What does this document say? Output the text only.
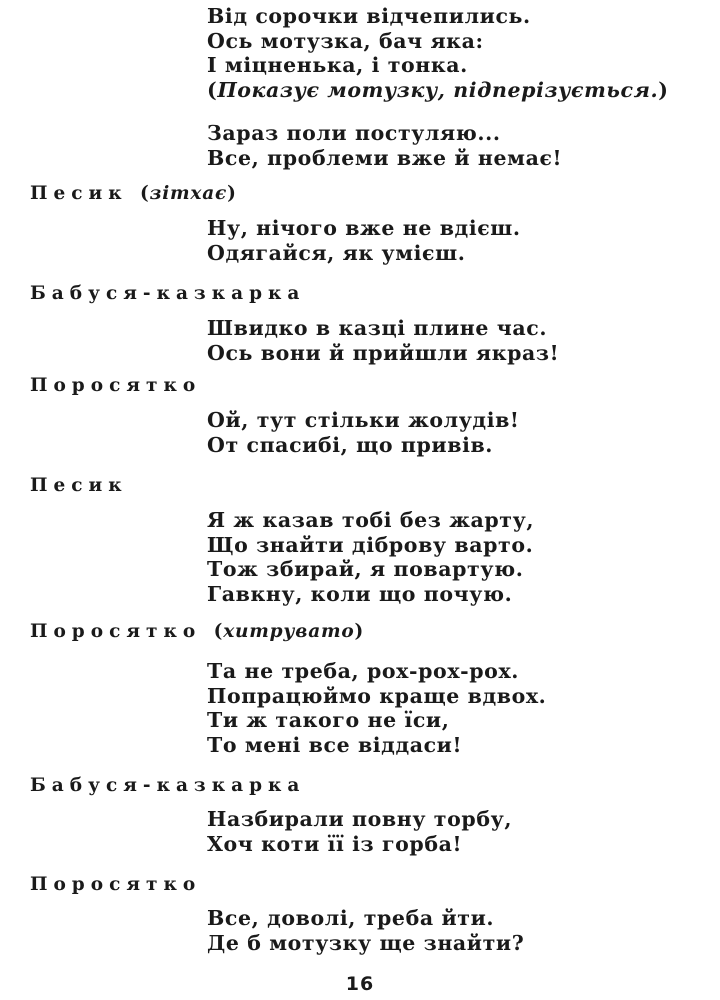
Від сорочки відчепились.
Ось мотузка, бач яка:
І міцненька, і тонка.
(Показує мотузку, підперізується.)
Зараз поли постуляю...
Все, проблеми вже й немає!
Песик (зітхає)
Ну, нічого вже не вдієш.
Одягайся, як умієш.
Бабуся-казкарка
Швидко в казці плине час.
Ось вони й прийшли якраз!
Поросятко
Ой, тут стільки жолудів!
От спасибі, що привів.
Песик
Я ж казав тобі без жарту,
Що знайти діброву варто.
Тож збирай, я повартую.
Гавкну, коли що почую.
Поросятко (хитрувато)
Та не треба, рох-рох-рох.
Попрацюймо краще вдвох.
Ти ж такого не їси,
То мені все віддаси!
Бабуся-казкарка
Назбирали повну торбу,
Хоч коти її із горба!
Поросятко
Все, доволі, треба йти.
Де б мотузку ще знайти?
16
